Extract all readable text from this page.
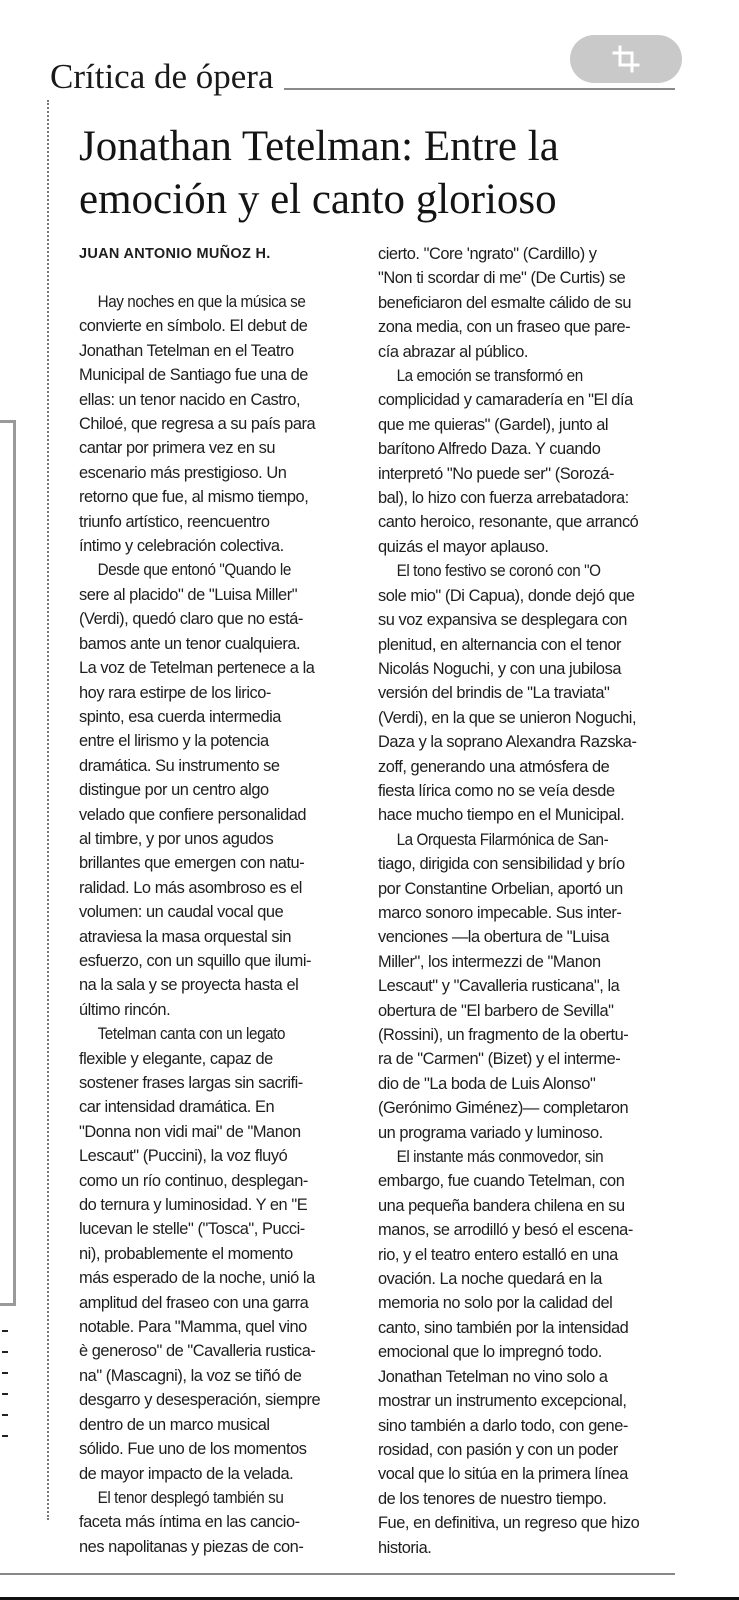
Crítica de ópera
Jonathan Tetelman: Entre la emoción y el canto glorioso
JUAN ANTONIO MUÑOZ H.
Hay noches en que la música se
convierte en símbolo. El debut de
Jonathan Tetelman en el Teatro
Municipal de Santiago fue una de
ellas: un tenor nacido en Castro,
Chiloé, que regresa a su país para
cantar por primera vez en su
escenario más prestigioso. Un
retorno que fue, al mismo tiempo,
triunfo artístico, reencuentro
íntimo y celebración colectiva.
Desde que entonó "Quando le
sere al placido" de "Luisa Miller"
(Verdi), quedó claro que no está-
bamos ante un tenor cualquiera.
La voz de Tetelman pertenece a la
hoy rara estirpe de los lirico-
spinto, esa cuerda intermedia
entre el lirismo y la potencia
dramática. Su instrumento se
distingue por un centro algo
velado que confiere personalidad
al timbre, y por unos agudos
brillantes que emergen con natu-
ralidad. Lo más asombroso es el
volumen: un caudal vocal que
atraviesa la masa orquestal sin
esfuerzo, con un squillo que ilumi-
na la sala y se proyecta hasta el
último rincón.
Tetelman canta con un legato
flexible y elegante, capaz de
sostener frases largas sin sacrifi-
car intensidad dramática. En
"Donna non vidi mai" de "Manon
Lescaut" (Puccini), la voz fluyó
como un río continuo, desplegan-
do ternura y luminosidad. Y en "E
lucevan le stelle" ("Tosca", Pucci-
ni), probablemente el momento
más esperado de la noche, unió la
amplitud del fraseo con una garra
notable. Para "Mamma, quel vino
è generoso" de "Cavalleria rustica-
na" (Mascagni), la voz se tiñó de
desgarro y desesperación, siempre
dentro de un marco musical
sólido. Fue uno de los momentos
de mayor impacto de la velada.
El tenor desplegó también su
faceta más íntima en las cancio-
nes napolitanas y piezas de con-
cierto. "Core 'ngrato" (Cardillo) y
"Non ti scordar di me" (De Curtis) se
beneficiaron del esmalte cálido de su
zona media, con un fraseo que pare-
cía abrazar al público.
La emoción se transformó en
complicidad y camaradería en "El día
que me quieras" (Gardel), junto al
barítono Alfredo Daza. Y cuando
interpretó "No puede ser" (Sorozá-
bal), lo hizo con fuerza arrebatadora:
canto heroico, resonante, que arrancó
quizás el mayor aplauso.
El tono festivo se coronó con "O
sole mio" (Di Capua), donde dejó que
su voz expansiva se desplegara con
plenitud, en alternancia con el tenor
Nicolás Noguchi, y con una jubilosa
versión del brindis de "La traviata"
(Verdi), en la que se unieron Noguchi,
Daza y la soprano Alexandra Razska-
zoff, generando una atmósfera de
fiesta lírica como no se veía desde
hace mucho tiempo en el Municipal.
La Orquesta Filarmónica de San-
tiago, dirigida con sensibilidad y brío
por Constantine Orbelian, aportó un
marco sonoro impecable. Sus inter-
venciones —la obertura de "Luisa
Miller", los intermezzi de "Manon
Lescaut" y "Cavalleria rusticana", la
obertura de "El barbero de Sevilla"
(Rossini), un fragmento de la obertu-
ra de "Carmen" (Bizet) y el interme-
dio de "La boda de Luis Alonso"
(Gerónimo Giménez)— completaron
un programa variado y luminoso.
El instante más conmovedor, sin
embargo, fue cuando Tetelman, con
una pequeña bandera chilena en su
manos, se arrodilló y besó el escena-
rio, y el teatro entero estalló en una
ovación. La noche quedará en la
memoria no solo por la calidad del
canto, sino también por la intensidad
emocional que lo impregnó todo.
Jonathan Tetelman no vino solo a
mostrar un instrumento excepcional,
sino también a darlo todo, con gene-
rosidad, con pasión y con un poder
vocal que lo sitúa en la primera línea
de los tenores de nuestro tiempo.
Fue, en definitiva, un regreso que hizo
historia.
